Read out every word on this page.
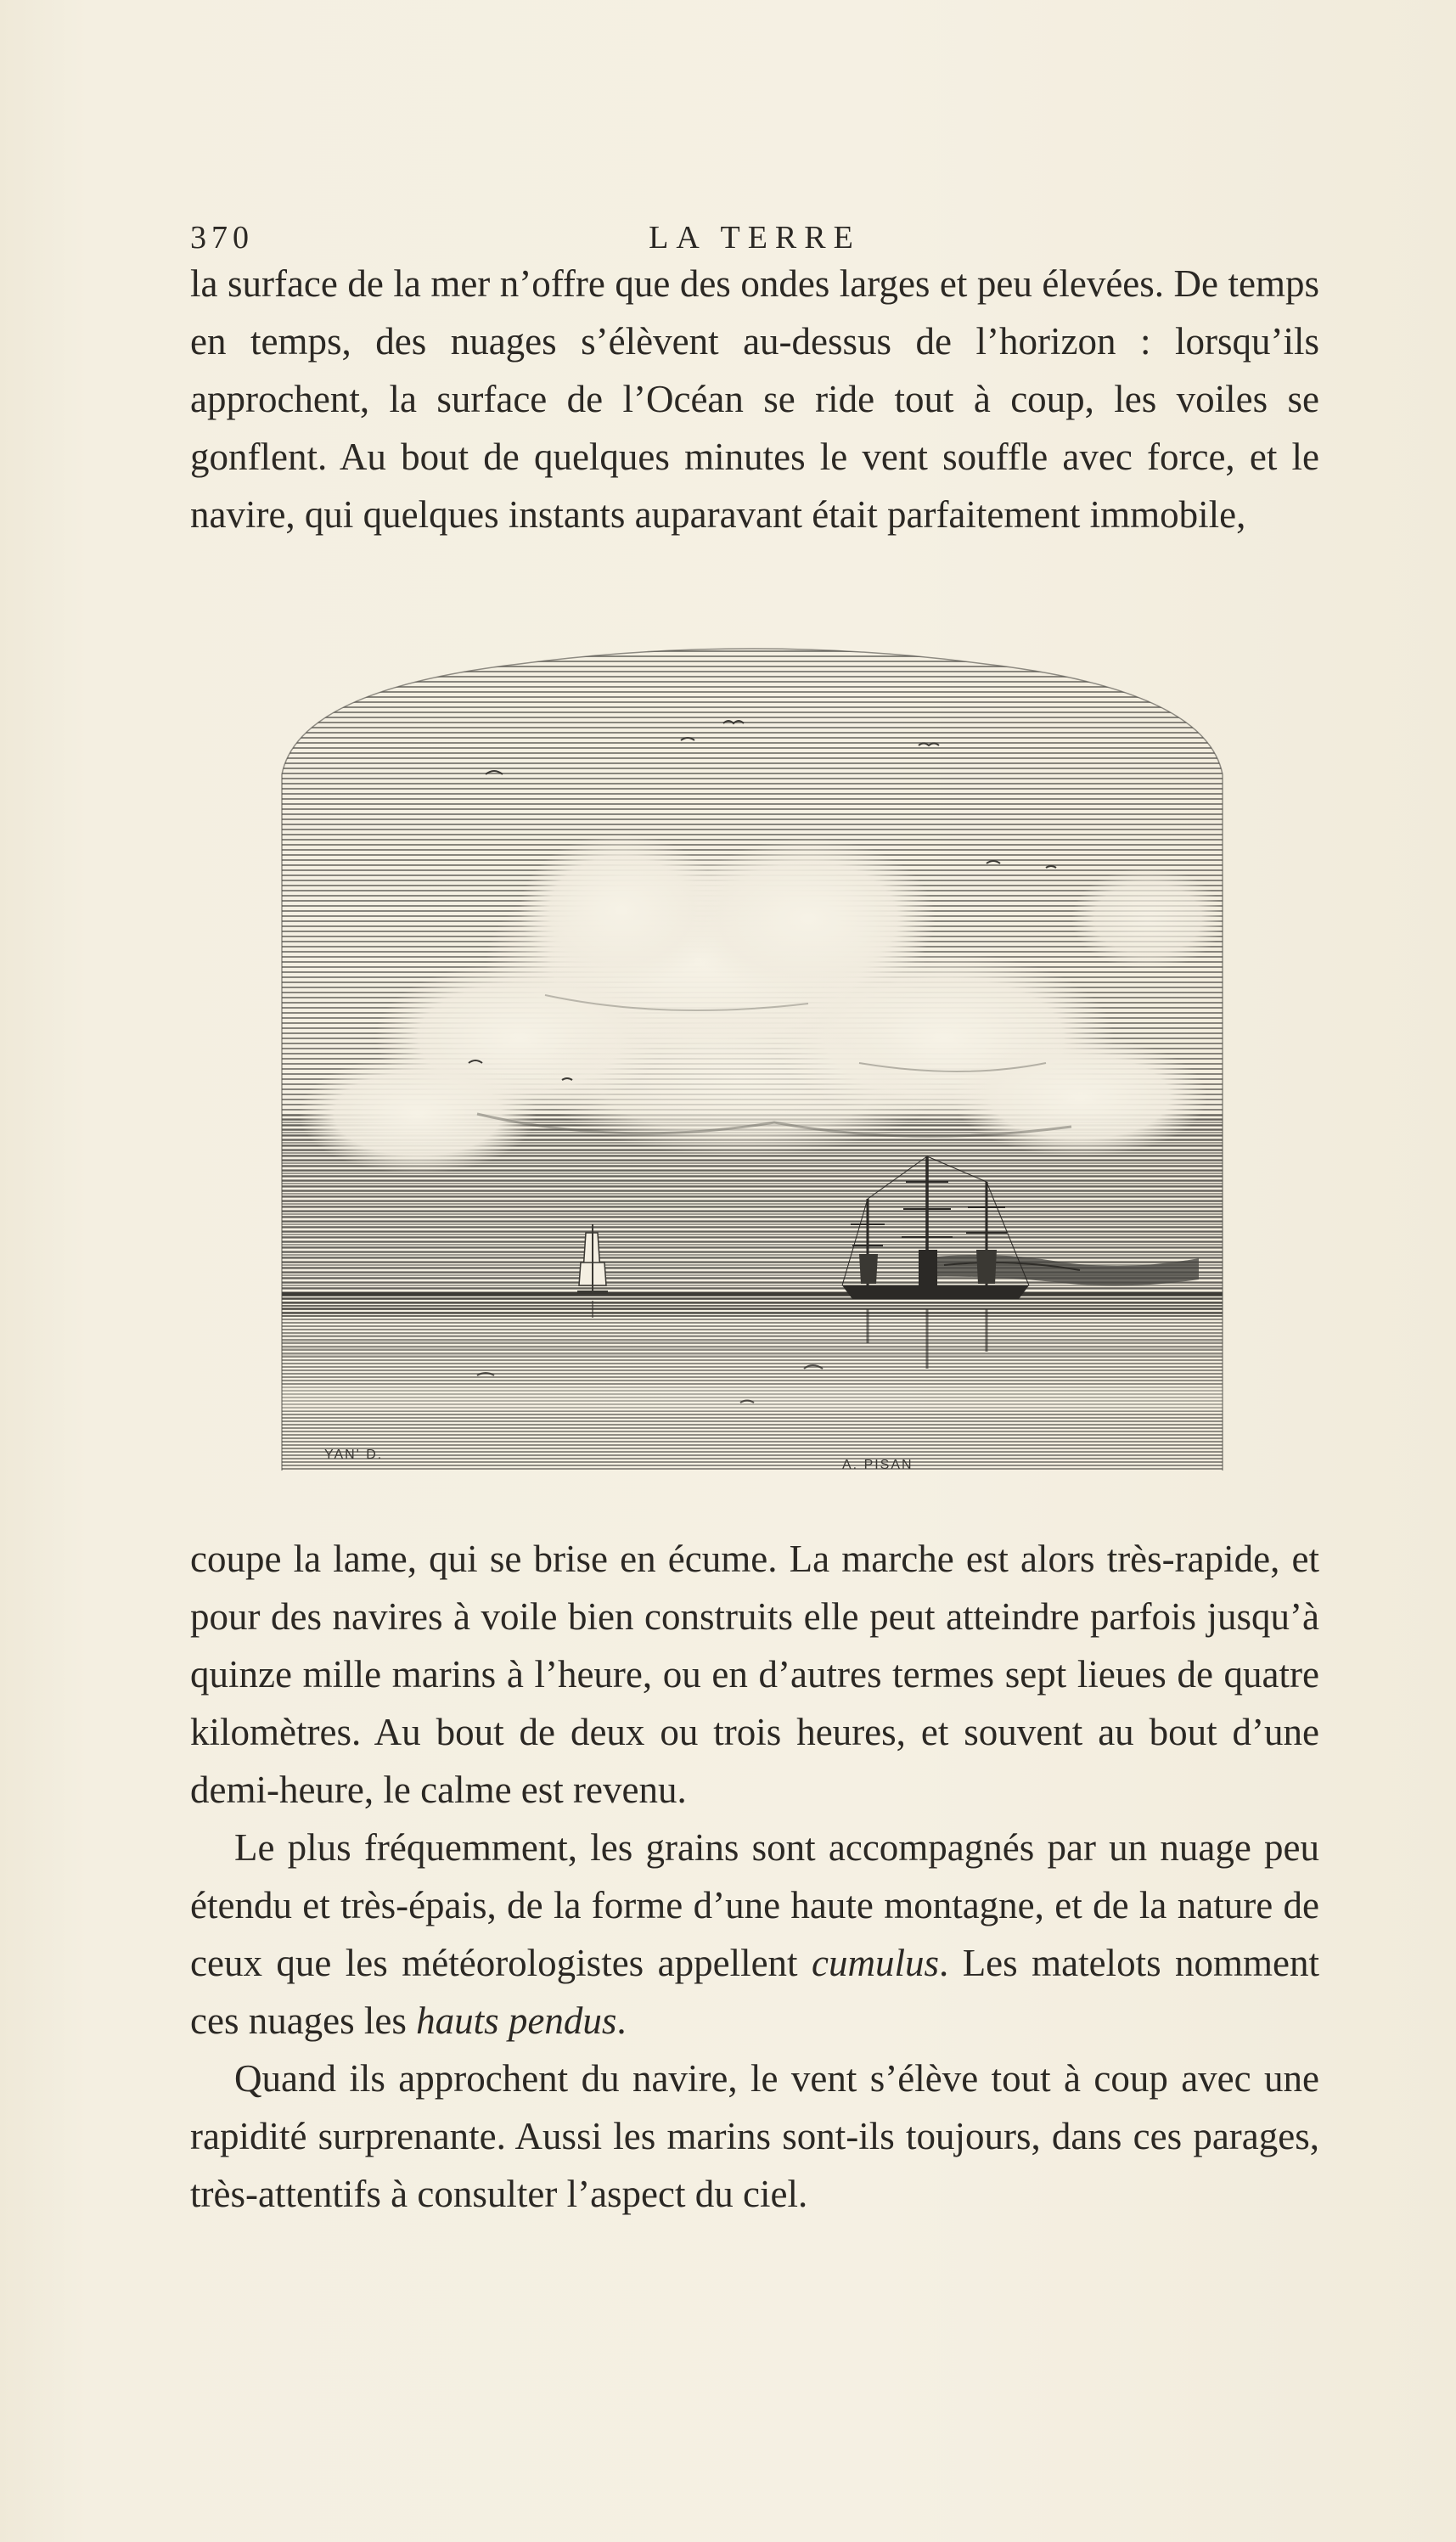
370	LA TERRE

la surface de la mer n’offre que des ondes larges et peu élevées. De temps en temps, des nuages s’élèvent au-dessus de l’horizon : lorsqu’ils approchent, la surface de l’Océan se ride tout à coup, les voiles se gonflent. Au bout de quelques minutes le vent souffle avec force, et le navire, qui quelques instants auparavant était parfaitement immobile,

YAN' D.
A. PISAN

coupe la lame, qui se brise en écume. La marche est alors très-rapide, et pour des navires à voile bien construits elle peut atteindre parfois jusqu’à quinze mille marins à l’heure, ou en d’autres termes sept lieues de quatre kilomètres. Au bout de deux ou trois heures, et souvent au bout d’une demi-heure, le calme est revenu.

Le plus fréquemment, les grains sont accompagnés par un nuage peu étendu et très-épais, de la forme d’une haute montagne, et de la nature de ceux que les météorologistes appellent cumulus. Les matelots nomment ces nuages les hauts pendus.

Quand ils approchent du navire, le vent s’élève tout à coup avec une rapidité surprenante. Aussi les marins sont-ils toujours, dans ces parages, très-attentifs à consulter l’aspect du ciel.
